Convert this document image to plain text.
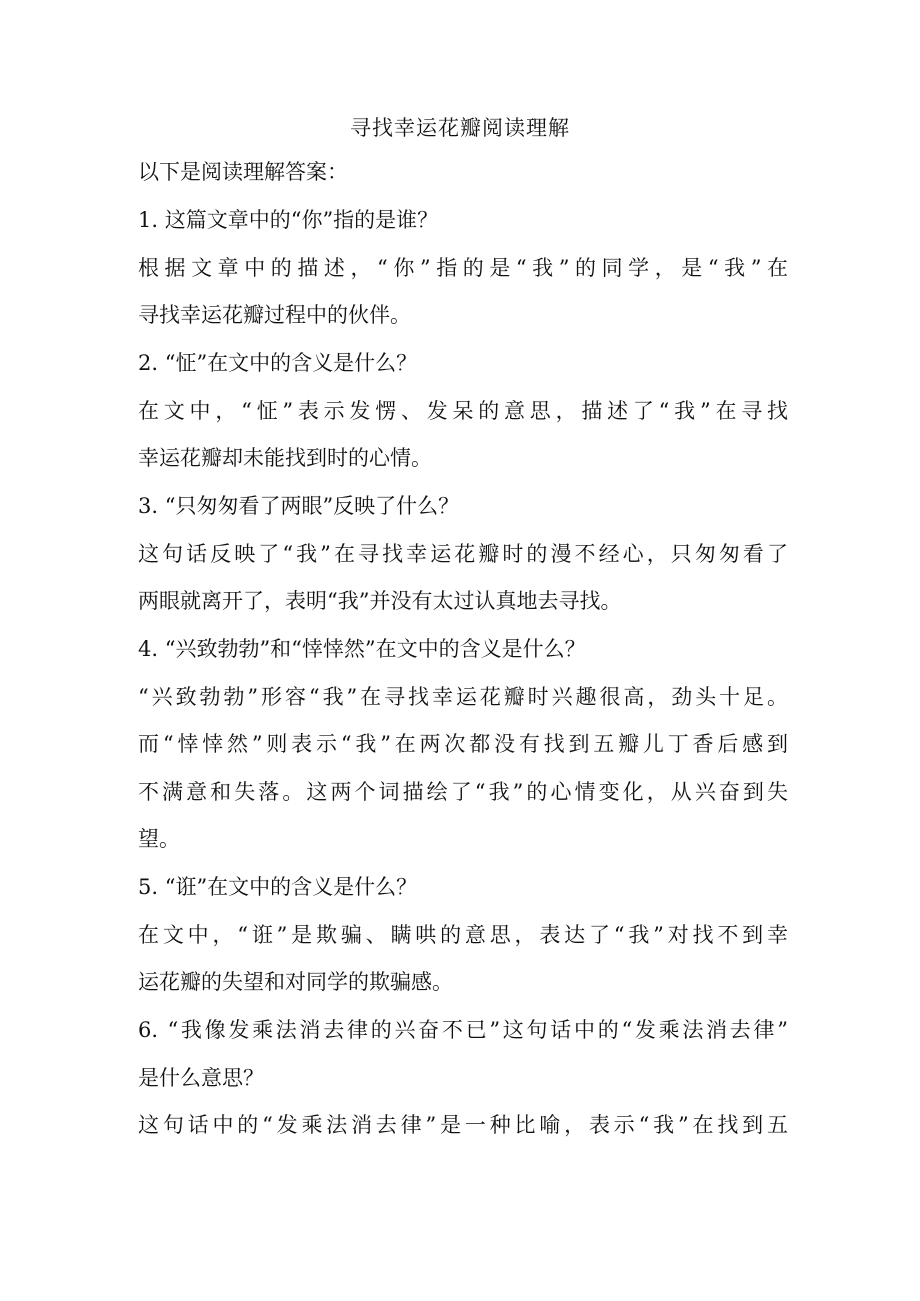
寻找幸运花瓣阅读理解
以下是阅读理解答案：
1. 这篇文章中的“你”指的是谁？
根据文章中的描述，“你”指的是“我”的同学，是“我”在
寻找幸运花瓣过程中的伙伴。
2. “怔”在文中的含义是什么？
在文中，“怔”表示发愣、发呆的意思，描述了“我”在寻找
幸运花瓣却未能找到时的心情。
3. “只匆匆看了两眼”反映了什么？
这句话反映了“我”在寻找幸运花瓣时的漫不经心，只匆匆看了
两眼就离开了，表明“我”并没有太过认真地去寻找。
4. “兴致勃勃”和“悻悻然”在文中的含义是什么？
“兴致勃勃”形容“我”在寻找幸运花瓣时兴趣很高，劲头十足。
而“悻悻然”则表示“我”在两次都没有找到五瓣儿丁香后感到
不满意和失落。这两个词描绘了“我”的心情变化，从兴奋到失
望。
5. “诳”在文中的含义是什么？
在文中，“诳”是欺骗、瞒哄的意思，表达了“我”对找不到幸
运花瓣的失望和对同学的欺骗感。
6. “我像发乘法消去律的兴奋不已”这句话中的“发乘法消去律”
是什么意思？
这句话中的“发乘法消去律”是一种比喻，表示“我”在找到五
